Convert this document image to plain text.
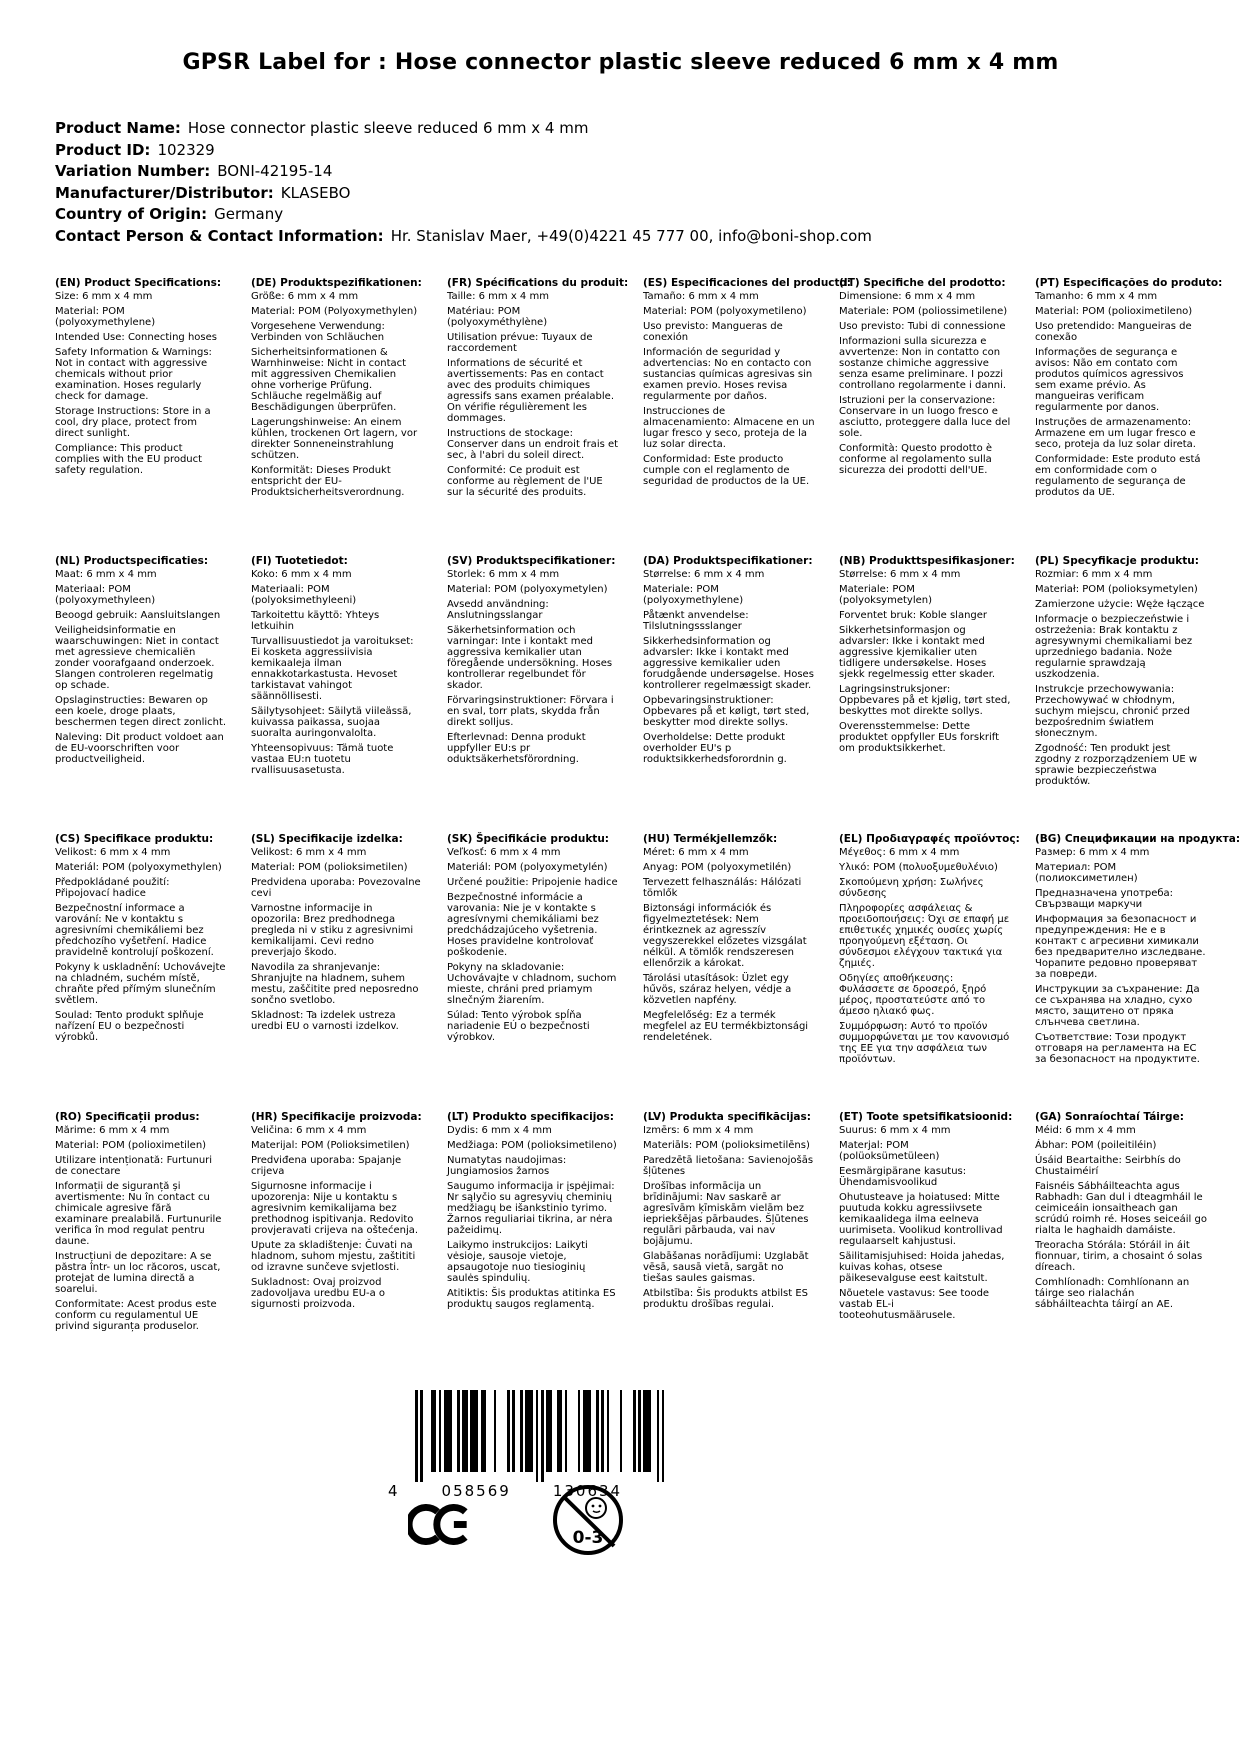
GPSR Label for : Hose connector plastic sleeve reduced 6 mm x 4 mm
Product Name: Hose connector plastic sleeve reduced 6 mm x 4 mm
Product ID: 102329
Variation Number: BONI-42195-14
Manufacturer/Distributor: KLASEBO
Country of Origin: Germany
Contact Person & Contact Information: Hr. Stanislav Maer, +49(0)4221 45 777 00, info@boni-shop.com
(EN) Product Specifications:

Size: 6 mm x 4 mm

Material: POM (polyoxymethylene)

Intended Use: Connecting hoses

Safety Information & Warnings: Not in contact with aggressive chemicals without prior examination. Hoses regularly check for damage.

Storage Instructions: Store in a cool, dry place, protect from direct sunlight.

Compliance: This product complies with the EU product safety regulation.

(DE) Produktspezifikationen:

Größe: 6 mm x 4 mm

Material: POM (Polyoxymethylen)

Vorgesehene Verwendung: Verbinden von Schläuchen

Sicherheitsinformationen & Warnhinweise: Nicht in contact mit aggressiven Chemikalien ohne vorherige Prüfung. Schläuche regelmäßig auf Beschädigungen überprüfen.

Lagerungshinweise: An einem kühlen, trockenen Ort lagern, vor direkter Sonneneinstrahlung schützen.

Konformität: Dieses Produkt entspricht der EU-Produktsicherheitsverordnung.

(FR) Spécifications du produit:

Taille: 6 mm x 4 mm

Matériau: POM (polyoxyméthylène)

Utilisation prévue: Tuyaux de raccordement

Informations de sécurité et avertissements: Pas en contact avec des produits chimiques agressifs sans examen préalable. On vérifie régulièrement les dommages.

Instructions de stockage: Conserver dans un endroit frais et sec, à l'abri du soleil direct.

Conformité: Ce produit est conforme au règlement de l'UE sur la sécurité des produits.

(ES) Especificaciones del producto:

Tamaño: 6 mm x 4 mm

Material: POM (polyoxymetileno)

Uso previsto: Mangueras de conexión

Información de seguridad y advertencias: No en contacto con sustancias químicas agresivas sin examen previo. Hoses revisa regularmente por daños.

Instrucciones de almacenamiento: Almacene en un lugar fresco y seco, proteja de la luz solar directa.

Conformidad: Este producto cumple con el reglamento de seguridad de productos de la UE.

(IT) Specifiche del prodotto:

Dimensione: 6 mm x 4 mm

Materiale: POM (poliossimetilene)

Uso previsto: Tubi di connessione

Informazioni sulla sicurezza e avvertenze: Non in contatto con sostanze chimiche aggressive senza esame preliminare. I pozzi controllano regolarmente i danni.

Istruzioni per la conservazione: Conservare in un luogo fresco e asciutto, proteggere dalla luce del sole.

Conformità: Questo prodotto è conforme al regolamento sulla sicurezza dei prodotti dell'UE.

(PT) Especificações do produto:

Tamanho: 6 mm x 4 mm

Material: POM (polioximetileno)

Uso pretendido: Mangueiras de conexão

Informações de segurança e avisos: Não em contato com produtos químicos agressivos sem exame prévio. As mangueiras verificam regularmente por danos.

Instruções de armazenamento: Armazene em um lugar fresco e seco, proteja da luz solar direta.

Conformidade: Este produto está em conformidade com o regulamento de segurança de produtos da UE.

(NL) Productspecificaties:

Maat: 6 mm x 4 mm

Materiaal: POM (polyoxymethyleen)

Beoogd gebruik: Aansluitslangen

Veiligheidsinformatie en waarschuwingen: Niet in contact met agressieve chemicaliën zonder voorafgaand onderzoek. Slangen controleren regelmatig op schade.

Opslaginstructies: Bewaren op een koele, droge plaats, beschermen tegen direct zonlicht.

Naleving: Dit product voldoet aan de EU-voorschriften voor productveiligheid.

(FI) Tuotetiedot:

Koko: 6 mm x 4 mm

Materiaali: POM (polyoksimethyleeni)

Tarkoitettu käyttö: Yhteys letkuihin

Turvallisuustiedot ja varoitukset: Ei kosketa aggressiivisia kemikaaleja ilman ennakkotarkastusta. Hevoset tarkistavat vahingot säännöllisesti.

Säilytysohjeet: Säilytä viileässä, kuivassa paikassa, suojaa suoralta auringonvalolta.

Yhteensopivuus: Tämä tuote vastaa EU:n tuotetu rvallisuusasetusta.

(SV) Produktspecifikationer:

Storlek: 6 mm x 4 mm

Material: POM (polyoxymetylen)

Avsedd användning: Anslutningsslangar

Säkerhetsinformation och varningar: Inte i kontakt med aggressiva kemikalier utan föregående undersökning. Hoses kontrollerar regelbundet för skador.

Förvaringsinstruktioner: Förvara i en sval, torr plats, skydda från direkt solljus.

Efterlevnad: Denna produkt uppfyller EU:s pr oduktsäkerhetsförordning.

(DA) Produktspecifikationer:

Størrelse: 6 mm x 4 mm

Materiale: POM (polyoxymethylene)

Påtænkt anvendelse: Tilslutningssslanger

Sikkerhedsinformation og advarsler: Ikke i kontakt med aggressive kemikalier uden forudgående undersøgelse. Hoses kontrollerer regelmæssigt skader.

Opbevaringsinstruktioner: Opbevares på et køligt, tørt sted, beskytter mod direkte sollys.

Overholdelse: Dette produkt overholder EU's p roduktsikkerhedsforordnin g.

(NB) Produkttspesifikasjoner:

Størrelse: 6 mm x 4 mm

Materiale: POM (polyoksymetylen)

Forventet bruk: Koble slanger

Sikkerhetsinformasjon og advarsler: Ikke i kontakt med aggressive kjemikalier uten tidligere undersøkelse. Hoses sjekk regelmessig etter skader.

Lagringsinstruksjoner: Oppbevares på et kjølig, tørt sted, beskyttes mot direkte sollys.

Overensstemmelse: Dette produktet oppfyller EUs forskrift om produktsikkerhet.

(PL) Specyfikacje produktu:

Rozmiar: 6 mm x 4 mm

Materiał: POM (polioksymetylen)

Zamierzone użycie: Węże łączące

Informacje o bezpieczeństwie i ostrzeżenia: Brak kontaktu z agresywnymi chemikaliami bez uprzedniego badania. Noże regularnie sprawdzają uszkodzenia.

Instrukcje przechowywania: Przechowywać w chłodnym, suchym miejscu, chronić przed bezpośrednim światłem słonecznym.

Zgodność: Ten produkt jest zgodny z rozporządzeniem UE w sprawie bezpieczeństwa produktów.

(CS) Specifikace produktu:

Velikost: 6 mm x 4 mm

Materiál: POM (polyoxymethylen)

Předpokládané použití: Připojovací hadice

Bezpečnostní informace a varování: Ne v kontaktu s agresivními chemikáliemi bez předchozího vyšetření. Hadice pravidelně kontrolují poškození.

Pokyny k uskladnění: Uchovávejte na chladném, suchém místě, chraňte před přímým slunečním světlem.

Soulad: Tento produkt splňuje nařízení EU o bezpečnosti výrobků.

(SL) Specifikacije izdelka:

Velikost: 6 mm x 4 mm

Material: POM (polioksimetilen)

Predvidena uporaba: Povezovalne cevi

Varnostne informacije in opozorila: Brez predhodnega pregleda ni v stiku z agresivnimi kemikalijami. Cevi redno preverjajo škodo.

Navodila za shranjevanje: Shranjujte na hladnem, suhem mestu, zaščitite pred neposredno sončno svetlobo.

Skladnost: Ta izdelek ustreza uredbi EU o varnosti izdelkov.

(SK) Špecifikácie produktu:

Veľkosť: 6 mm x 4 mm

Materiál: POM (polyoxymetylén)

Určené použitie: Pripojenie hadice

Bezpečnostné informácie a varovania: Nie je v kontakte s agresívnymi chemikáliami bez predchádzajúceho vyšetrenia. Hoses pravidelne kontrolovať poškodenie.

Pokyny na skladovanie: Uchovávajte v chladnom, suchom mieste, chráni pred priamym slnečným žiarením.

Súlad: Tento výrobok spĺňa nariadenie EÚ o bezpečnosti výrobkov.

(HU) Termékjellemzők:

Méret: 6 mm x 4 mm

Anyag: POM (polyoxymetilén)

Tervezett felhasználás: Hálózati tömlők

Biztonsági információk és figyelmeztetések: Nem érintkeznek az agresszív vegyszerekkel előzetes vizsgálat nélkül. A tömlők rendszeresen ellenőrzik a károkat.

Tárolási utasítások: Üzlet egy hűvös, száraz helyen, védje a közvetlen napfény.

Megfelelőség: Ez a termék megfelel az EU termékbiztonsági rendeletének.

(EL) Προδιαγραφές προϊόντος:

Μέγεθος: 6 mm x 4 mm

Υλικό: POM (πολυοξυμεθυλένιο)

Σκοπούμενη χρήση: Σωλήνες σύνδεσης

Πληροφορίες ασφάλειας & προειδοποιήσεις: Όχι σε επαφή με επιθετικές χημικές ουσίες χωρίς προηγούμενη εξέταση. Οι σύνδεσμοι ελέγχουν τακτικά για ζημιές.

Οδηγίες αποθήκευσης: Φυλάσσετε σε δροσερό, ξηρό μέρος, προστατεύστε από το άμεσο ηλιακό φως.

Συμμόρφωση: Αυτό το προϊόν συμμορφώνεται με τον κανονισμό της ΕΕ για την ασφάλεια των προϊόντων.

(BG) Спецификации на продукта:

Размер: 6 mm x 4 mm

Материал: POM (полиоксиметилен)

Предназначена употреба: Свързващи маркучи

Информация за безопасност и предупреждения: Не е в контакт с агресивни химикали без предварително изследване. Чорапите редовно проверяват за повреди.

Инструкции за съхранение: Да се съхранява на хладно, сухо място, защитено от пряка слънчева светлина.

Съответствие: Този продукт отговаря на регламента на ЕС за безопасност на продуктите.

(RO) Specificații produs:

Mărime: 6 mm x 4 mm

Material: POM (polioximetilen)

Utilizare intenționată: Furtunuri de conectare

Informații de siguranță și avertismente: Nu în contact cu chimicale agresive fără examinare prealabilă. Furtunurile verifica în mod regulat pentru daune.

Instrucțiuni de depozitare: A se păstra într- un loc răcoros, uscat, protejat de lumina directă a soarelui.

Conformitate: Acest produs este conform cu regulamentul UE privind siguranța produselor.

(HR) Specifikacije proizvoda:

Veličina: 6 mm x 4 mm

Materijal: POM (Polioksimetilen)

Predviđena uporaba: Spajanje crijeva

Sigurnosne informacije i upozorenja: Nije u kontaktu s agresivnim kemikalijama bez prethodnog ispitivanja. Redovito provjeravati crijeva na oštećenja.

Upute za skladištenje: Čuvati na hladnom, suhom mjestu, zaštititi od izravne sunčeve svjetlosti.

Sukladnost: Ovaj proizvod zadovoljava uredbu EU-a o sigurnosti proizvoda.

(LT) Produkto specifikacijos:

Dydis: 6 mm x 4 mm

Medžiaga: POM (polioksimetileno)

Numatytas naudojimas: Jungiamosios žarnos

Saugumo informacija ir įspėjimai: Nr sąlyčio su agresyvių cheminių medžiagų be išankstinio tyrimo. Žarnos reguliariai tikrina, ar nėra pažeidimų.

Laikymo instrukcijos: Laikyti vėsioje, sausoje vietoje, apsaugotoje nuo tiesioginių saulės spindulių.

Atitiktis: Šis produktas atitinka ES produktų saugos reglamentą.

(LV) Produkta specifikācijas:

Izmērs: 6 mm x 4 mm

Materiāls: POM (polioksimetilēns)

Paredzētā lietošana: Savienojošās šļūtenes

Drošības informācija un brīdinājumi: Nav saskarē ar agresīvām ķīmiskām vielām bez iepriekšējas pārbaudes. Šļūtenes regulāri pārbauda, vai nav bojājumu.

Glabāšanas norādījumi: Uzglabāt vēsā, sausā vietā, sargāt no tiešas saules gaismas.

Atbilstība: Šis produkts atbilst ES produktu drošības regulai.

(ET) Toote spetsifikatsioonid:

Suurus: 6 mm x 4 mm

Materjal: POM (polüoksümetüleen)

Eesmärgipärane kasutus: Ühendamisvoolikud

Ohutusteave ja hoiatused: Mitte puutuda kokku agressiivsete kemikaalidega ilma eelneva uurimiseta. Voolikud kontrollivad regulaarselt kahjustusi.

Säilitamisjuhised: Hoida jahedas, kuivas kohas, otsese päikesevalguse eest kaitstult.

Nõuetele vastavus: See toode vastab EL-i tooteohutusmäärusele.

(GA) Sonraíochtaí Táirge:

Méid: 6 mm x 4 mm

Ábhar: POM (poileitiléin)

Úsáid Beartaithe: Seirbhís do Chustaiméirí

Faisnéis Sábháilteachta agus Rabhadh: Gan dul i dteagmháil le ceimiceáin ionsaitheach gan scrúdú roimh ré. Hoses seiceáil go rialta le haghaidh damáiste.

Treoracha Stórála: Stóráil in áit fionnuar, tirim, a chosaint ó solas díreach.

Comhlíonadh: Comhlíonann an táirge seo rialachán sábháilteachta táirgí an AE.

4	058569	130634
0-3
